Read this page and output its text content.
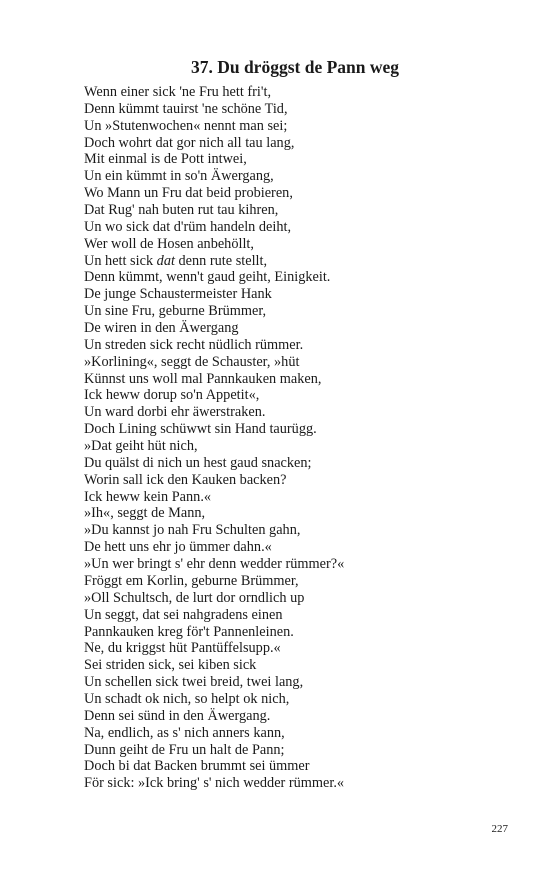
37. Du dröggst de Pann weg
Wenn einer sick 'ne Fru hett fri't,
Denn kümmt tauirst 'ne schöne Tid,
Un »Stutenwochen« nennt man sei;
Doch wohrt dat gor nich all tau lang,
Mit einmal is de Pott intwei,
Un ein kümmt in so'n Äwergang,
Wo Mann un Fru dat beid probieren,
Dat Rug' nah buten rut tau kihren,
Un wo sick dat d'rüm handeln deiht,
Wer woll de Hosen anbehöllt,
Un hett sick dat denn rute stellt,
Denn kümmt, wenn't gaud geiht, Einigkeit.
De junge Schaustermeister Hank
Un sine Fru, geburne Brümmer,
De wiren in den Äwergang
Un streden sick recht nüdlich rümmer.
»Korlining«, seggt de Schauster, »hüt
Künnst uns woll mal Pannkauken maken,
Ick heww dorup so'n Appetit«,
Un ward dorbi ehr äwerstraken.
Doch Lining schüwwt sin Hand taurügg.
»Dat geiht hüt nich,
Du quälst di nich un hest gaud snacken;
Worin sall ick den Kauken backen?
Ick heww kein Pann.«
»Ih«, seggt de Mann,
»Du kannst jo nah Fru Schulten gahn,
De hett uns ehr jo ümmer dahn.«
»Un wer bringt s' ehr denn wedder rümmer?«
Fröggt em Korlin, geburne Brümmer,
»Oll Schultsch, de lurt dor orndlich up
Un seggt, dat sei nahgradens einen
Pannkauken kreg för't Pannenleinen.
Ne, du kriggst hüt Pantüffelsupp.«
Sei striden sick, sei kiben sick
Un schellen sick twei breid, twei lang,
Un schadt ok nich, so helpt ok nich,
Denn sei sünd in den Äwergang.
Na, endlich, as s' nich anners kann,
Dunn geiht de Fru un halt de Pann;
Doch bi dat Backen brummt sei ümmer
För sick: »Ick bring' s' nich wedder rümmer.«
227
